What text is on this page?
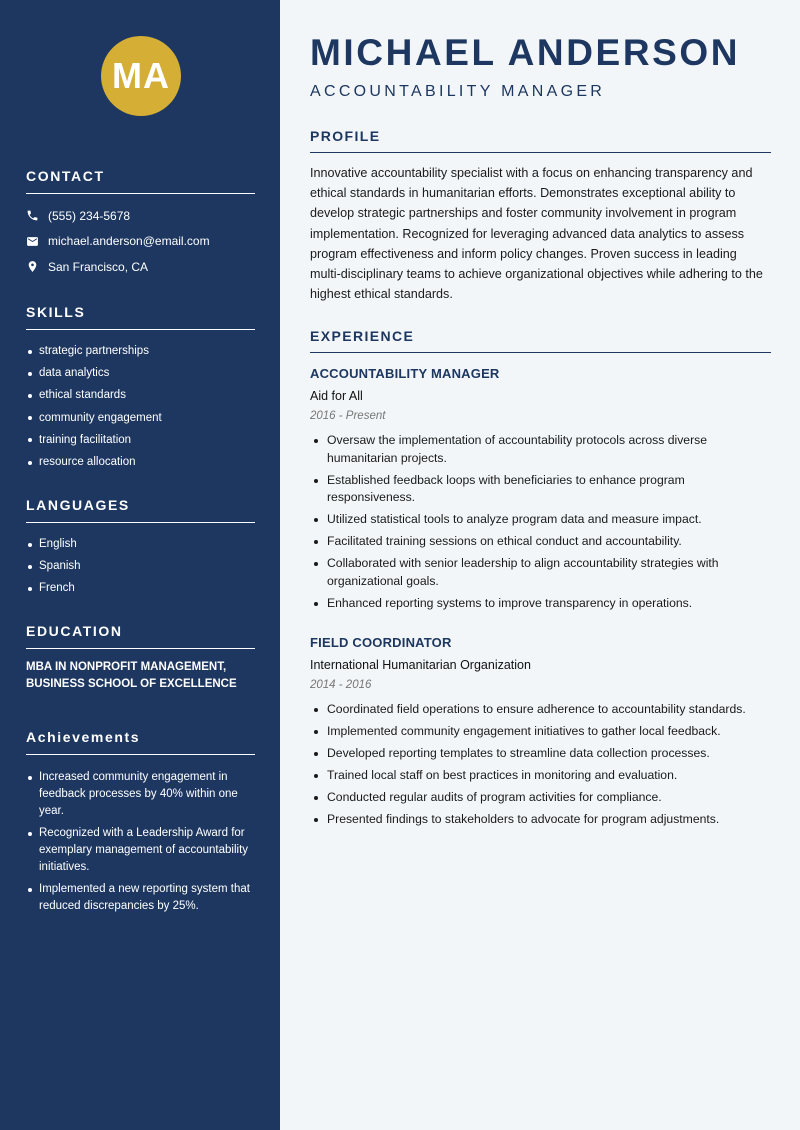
MA
CONTACT
(555) 234-5678
michael.anderson@email.com
San Francisco, CA
SKILLS
strategic partnerships
data analytics
ethical standards
community engagement
training facilitation
resource allocation
LANGUAGES
English
Spanish
French
EDUCATION
MBA IN NONPROFIT MANAGEMENT, BUSINESS SCHOOL OF EXCELLENCE
Achievements
Increased community engagement in feedback processes by 40% within one year.
Recognized with a Leadership Award for exemplary management of accountability initiatives.
Implemented a new reporting system that reduced discrepancies by 25%.
MICHAEL ANDERSON
ACCOUNTABILITY MANAGER
PROFILE
Innovative accountability specialist with a focus on enhancing transparency and ethical standards in humanitarian efforts. Demonstrates exceptional ability to develop strategic partnerships and foster community involvement in program implementation. Recognized for leveraging advanced data analytics to assess program effectiveness and inform policy changes. Proven success in leading multi-disciplinary teams to achieve organizational objectives while adhering to the highest ethical standards.
EXPERIENCE
ACCOUNTABILITY MANAGER
Aid for All
2016 - Present
Oversaw the implementation of accountability protocols across diverse humanitarian projects.
Established feedback loops with beneficiaries to enhance program responsiveness.
Utilized statistical tools to analyze program data and measure impact.
Facilitated training sessions on ethical conduct and accountability.
Collaborated with senior leadership to align accountability strategies with organizational goals.
Enhanced reporting systems to improve transparency in operations.
FIELD COORDINATOR
International Humanitarian Organization
2014 - 2016
Coordinated field operations to ensure adherence to accountability standards.
Implemented community engagement initiatives to gather local feedback.
Developed reporting templates to streamline data collection processes.
Trained local staff on best practices in monitoring and evaluation.
Conducted regular audits of program activities for compliance.
Presented findings to stakeholders to advocate for program adjustments.
